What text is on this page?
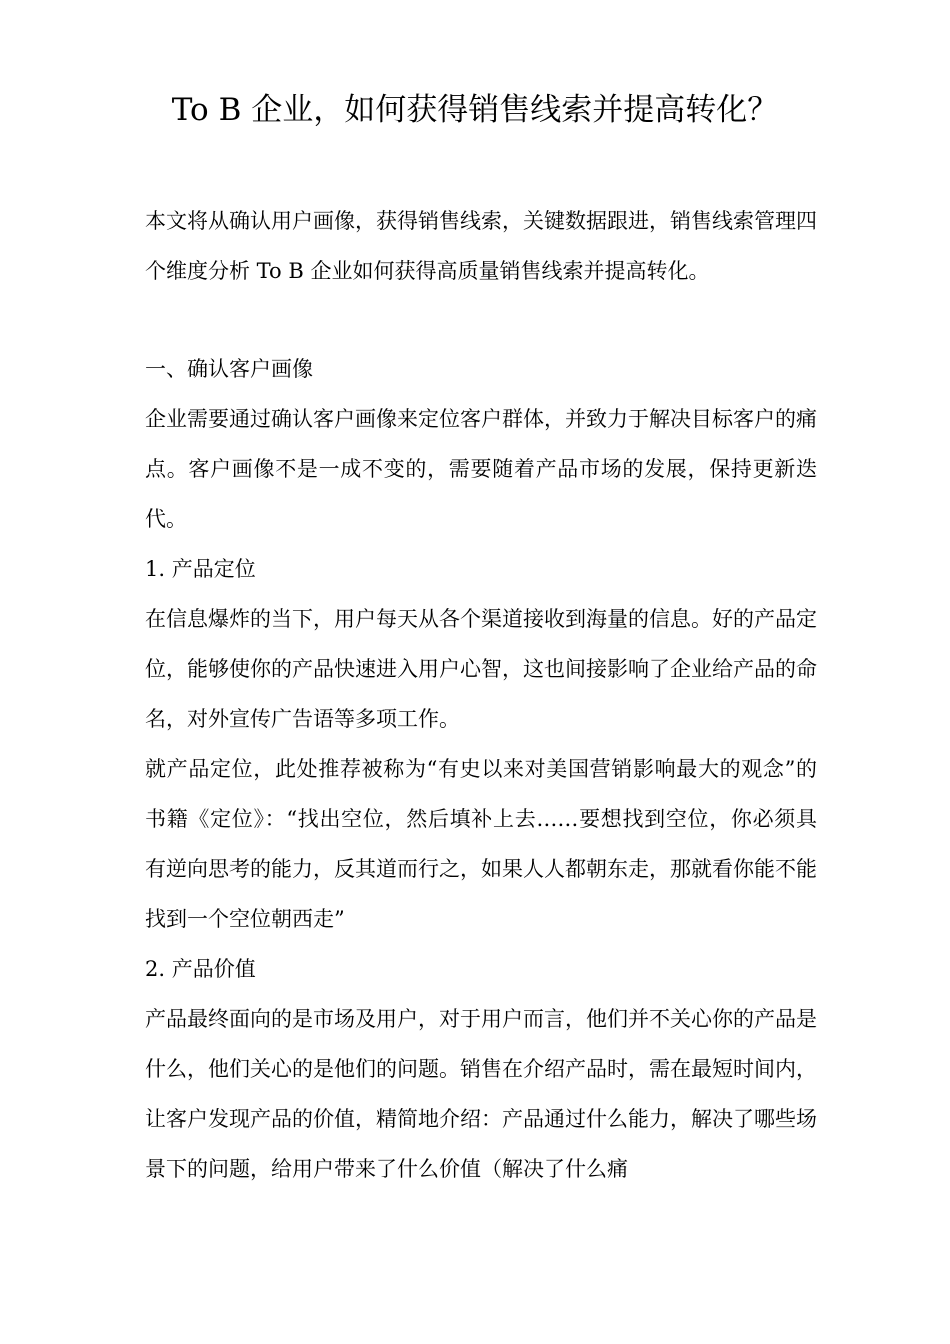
To B 企业，如何获得销售线索并提高转化？
本文将从确认用户画像，获得销售线索，关键数据跟进，销售线索管理四个维度分析 To B 企业如何获得高质量销售线索并提高转化。
一、确认客户画像
企业需要通过确认客户画像来定位客户群体，并致力于解决目标客户的痛点。客户画像不是一成不变的，需要随着产品市场的发展，保持更新迭代。
1. 产品定位
在信息爆炸的当下，用户每天从各个渠道接收到海量的信息。好的产品定位，能够使你的产品快速进入用户心智，这也间接影响了企业给产品的命名，对外宣传广告语等多项工作。
就产品定位，此处推荐被称为“有史以来对美国营销影响最大的观念”的书籍《定位》：“找出空位，然后填补上去……要想找到空位，你必须具有逆向思考的能力，反其道而行之，如果人人都朝东走，那就看你能不能找到一个空位朝西走”
2. 产品价值
产品最终面向的是市场及用户，对于用户而言，他们并不关心你的产品是什么，他们关心的是他们的问题。销售在介绍产品时，需在最短时间内，让客户发现产品的价值，精简地介绍：产品通过什么能力，解决了哪些场景下的问题，给用户带来了什么价值（解决了什么痛
